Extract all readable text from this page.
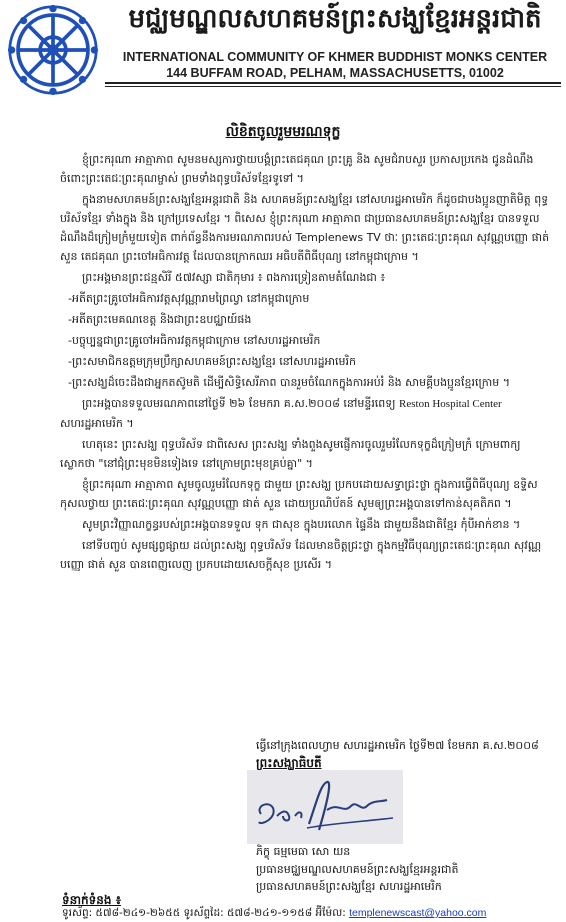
មជ្ឈមណ្ឌលសហគមន៍ព្រះសង្ឃខ្មែរអន្តរជាតិ
INTERNATIONAL COMMUNITY OF KHMER BUDDHIST MONKS CENTER
144 BUFFAM ROAD, PELHAM, MASSACHUSETTS, 01002
លិខិតចូលរួមមរណទុក្ខ

ខ្ញុំព្រះករុណា អាត្មាភាព សូមនមស្សការថ្វាយបង្គំព្រះតេជគុណ ព្រះគ្រូ និង សូមជំរាបសួរ ប្រកាសប្រកេង ជូនដំណឹងចំពោះព្រះតេជៈព្រះគុណម្ចាស់ ព្រមទាំងពុទ្ធបរិស័ទខ្មែរទូទៅ ។

ក្នុងនាមសហគមន៍ព្រះសង្ឃខ្មែរអន្តរជាតិ និង សហគមន៍ព្រះសង្ឃខ្មែរ នៅសហរដ្ឋអាមេរិក ក៏ដូចជាបងប្អូនញាតិមិត្ត ពុទ្ធបរិស័ទខ្មែរ ទាំងក្នុង និង ក្រៅប្រទេសខ្មែរ ។ ពិសេស ខ្ញុំព្រះករុណា អាត្មាភាព ជាប្រធានសហគមន៍ព្រះសង្ឃខ្មែរ បានទទួលដំណឹងដ៏ក្រៀមក្រំមួយទៀត ពាក់ព័ន្ធនឹងការមរណភាពរបស់ Templenews TV ថាៈ ព្រះតេជៈព្រះគុណ សុវណ្ណបញ្ញោ ផាត់ សួន តេជគុណ ព្រះចៅអធិការវត្ត ដែលបានក្រោកឈរ អធិបតីពិធីបុណ្យ នៅកម្ពុជាក្រោម ។

ព្រះអង្គមានព្រះជន្មសិរី ៥៧វស្សា ជាតិកុមារ ៖ ពងការទ្រៀនតាមតំណែងជា ៖

-អតីតព្រះគ្រូចៅអធិការវត្តសុវណ្ណារាមព្រៃល្វា នៅកម្ពុជាក្រោម

-អតីតព្រះមេគណខេត្ត និងជាព្រះឧបជ្ឈាយ៍ផង

-បច្ចុប្បន្នជាព្រះគ្រូចៅអធិការវត្តកម្ពុជាក្រោម នៅសហរដ្ឋអាមេរិក

-ព្រះសមាជិកឧត្តមក្រុមប្រឹក្សាសហគមន៍ព្រះសង្ឃខ្មែរ នៅសហរដ្ឋអាមេរិក

-ព្រះសង្ឃដ៏ចេះដឹងជាអ្នកតស៊ូមតិ ដើម្បីសិទ្ធិសេរីភាព បានរួមចំណែកក្នុងការអប់រំ និង សាមគ្គីបងប្អូនខ្មែរក្រោម ។

ព្រះអង្គបានទទួលមរណភាពនៅថ្ងៃទី ២៦ ខែមករា គ.ស.២០០៨ នៅមន្ទីរពេទ្យ Reston Hospital Center សហរដ្ឋអាមេរិក ។

ហេតុនេះ ព្រះសង្ឃ ពុទ្ធបរិស័ទ ជាពិសេស ព្រះសង្ឃ ទាំងពួងសូមផ្ញើការចូលរួមរំលែកទុក្ខដ៏ក្រៀមក្រំ ក្រោមពាក្យស្លោកថា "នៅជុំព្រះមុខមិនទៀងទេ នៅក្រោមព្រះមុខគ្រប់គ្នា" ។

ខ្ញុំព្រះករុណា អាត្មាភាព សូមចូលរួមរំលែកទុក្ខ ជាមួយ ព្រះសង្ឃ ប្រកបដោយសទ្ធាជ្រះថ្លា ក្នុងការធ្វើពិធីបុណ្យ ឧទ្ទិសកុសលថ្វាយ ព្រះតេជៈព្រះគុណ សុវណ្ណបញ្ញោ ផាត់ សួន ដោយប្រណិប័តន៍ សូមឲ្យព្រះអង្គបានទៅកាន់សុគតិភព ។

សូមព្រះវិញ្ញាណក្ខន្ធរបស់ព្រះអង្គបានទទួល ទុក ជាសុខ ក្នុងបរលោក ផ្ទៃនឹង ជាមួយនឹងជាតិខ្មែរ កុំបីអាក់ខាន ។

នៅទីបញ្ចប់ សូមផ្សព្វផ្សាយ ដល់ព្រះសង្ឃ ពុទ្ធបរិស័ទ ដែលមានចិត្តជ្រះថ្លា ក្នុងកម្មវិធីបុណ្យព្រះតេជៈព្រះគុណ សុវណ្ណបញ្ញោ ផាត់ សួន បានពេញលេញ ប្រកបដោយសេចក្ដីសុខ ប្រសើរ ។

ធ្វើនៅក្រុងពេលហ្វាម សហរដ្ឋអាមេរិក ថ្ងៃទី២៧ ខែមករា គ.ស.២០០៨
ព្រះសង្ឃាធិបតី
ភិក្ខុ ធម្មមេធា សោ យន
ប្រធានមជ្ឈមណ្ឌលសហគមន៍ព្រះសង្ឃខ្មែរអន្តរជាតិ
ប្រធានសហគមន៍ព្រះសង្ឃខ្មែរ សហរដ្ឋអាមេរិក
ទំនាក់ទំនង ៖
ទូរស័ព្ទ: ៥៧៨-២៤១-២៦៥៥ ទូរស័ព្ទដៃ: ៥៧៨-២៤១-១១៥៨ អ៊ីម៉ែល: templenewscast@yahoo.com
